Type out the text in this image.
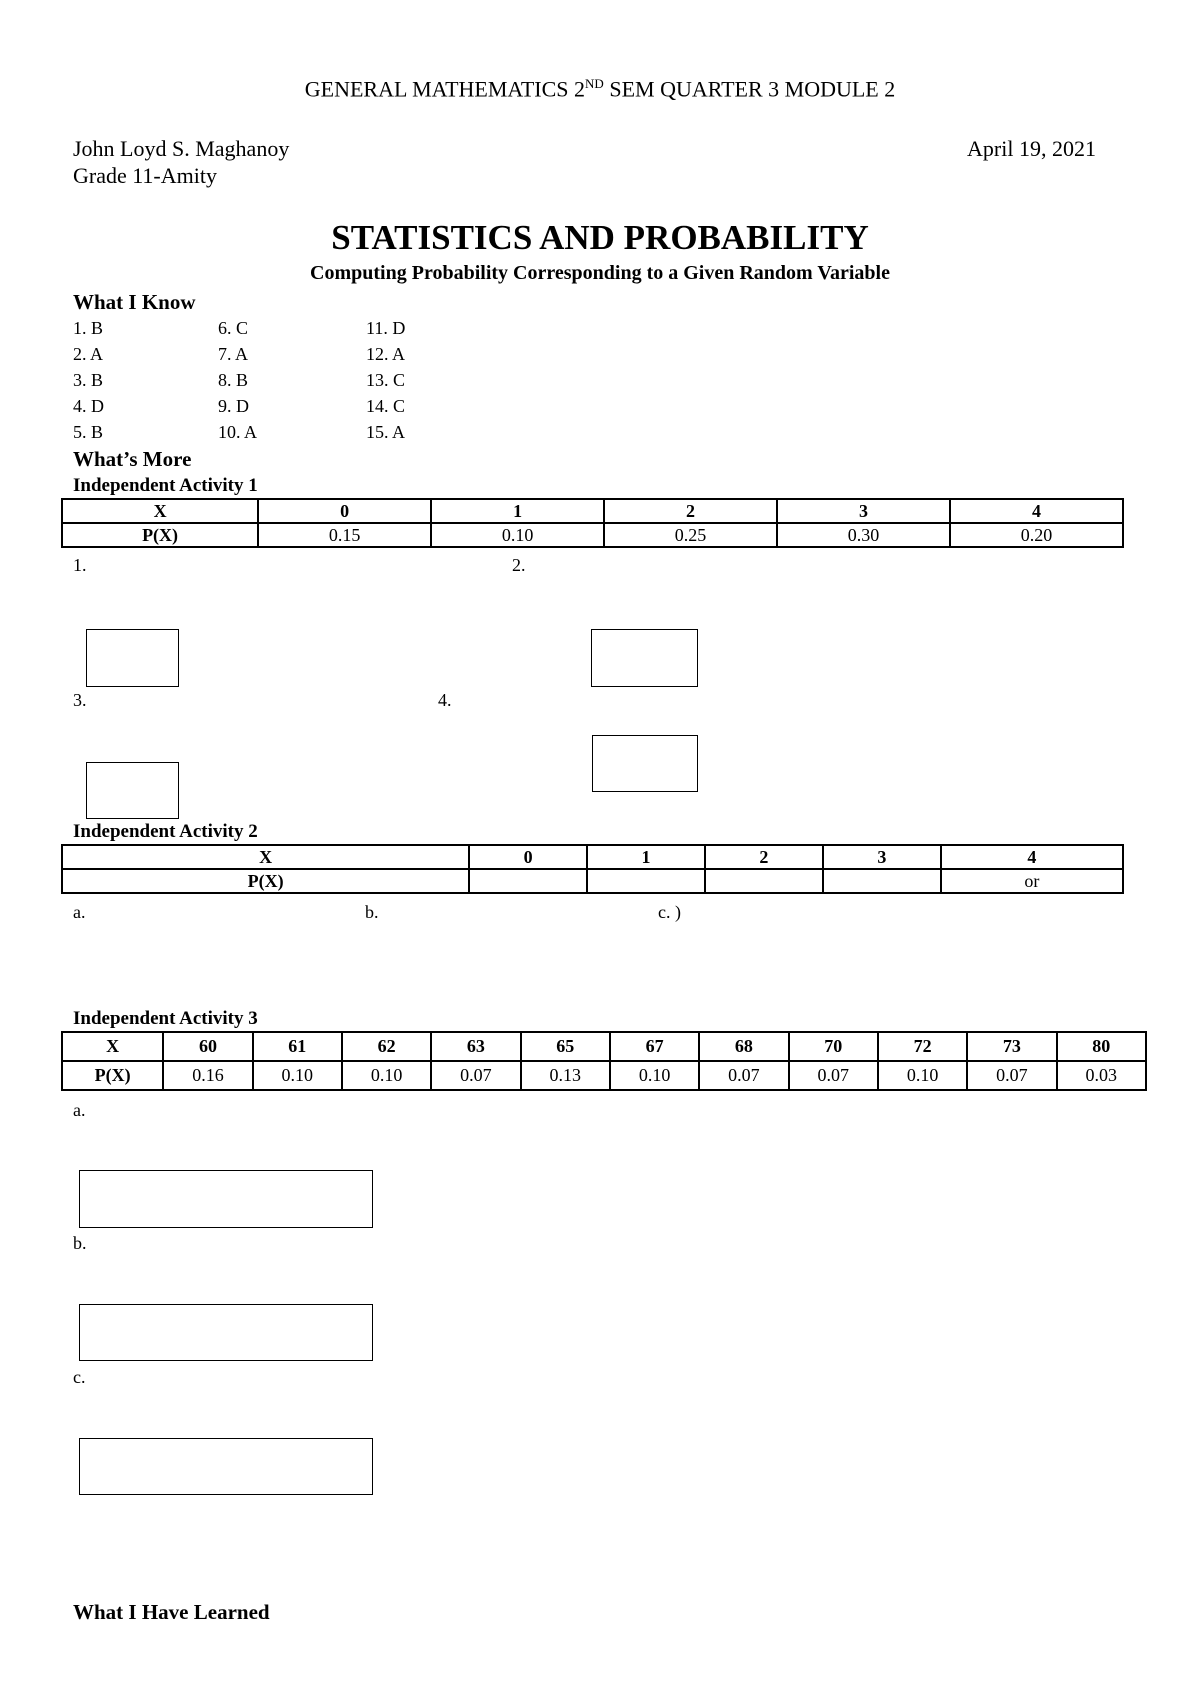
GENERAL MATHEMATICS 2ND SEM QUARTER 3 MODULE 2
John Loyd S. Maghanoy
Grade 11-Amity
April 19, 2021
STATISTICS AND PROBABILITY
Computing Probability Corresponding to a Given Random Variable
What I Know
1. B
2. A
3. B
4. D
5. B
6. C
7. A
8. B
9. D
10. A
11. D
12. A
13. C
14. C
15. A
What’s More
Independent Activity 1
X	0	1	2	3	4
P(X)	0.15	0.10	0.25	0.30	0.20
1.	2.
3.	4.
Independent Activity 2
X	0	1	2	3	4
P(X)					or
a.	b.	c. )
Independent Activity 3
X	60	61	62	63	65	67	68	70	72	73	80
P(X)	0.16	0.10	0.10	0.07	0.13	0.10	0.07	0.07	0.10	0.07	0.03
a.
b.
c.
What I Have Learned
